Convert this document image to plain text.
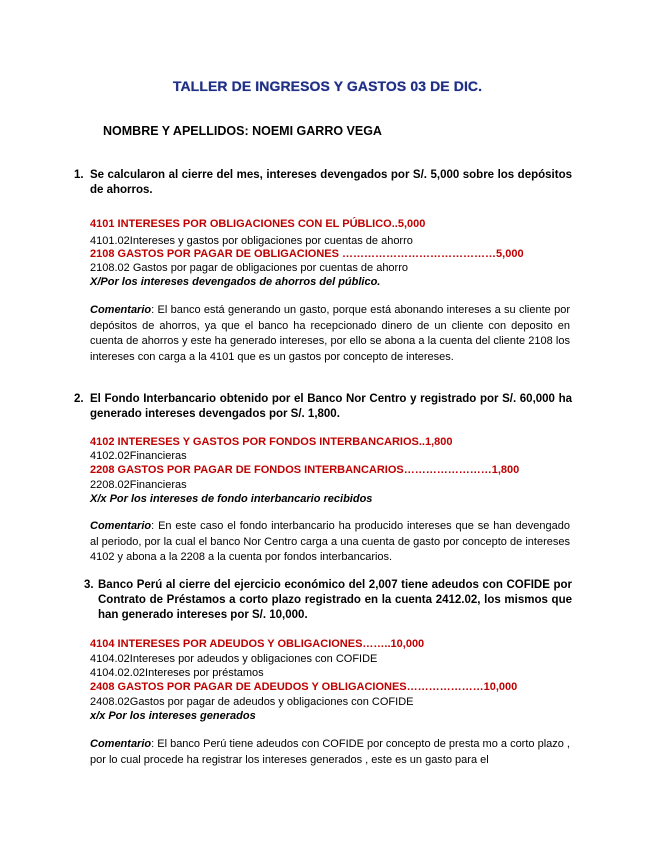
TALLER DE INGRESOS Y GASTOS 03 DE DIC.
NOMBRE Y APELLIDOS: NOEMI GARRO VEGA
1. Se calcularon al cierre del mes, intereses devengados por S/. 5,000 sobre los depósitos de ahorros.
4101 INTERESES POR OBLIGACIONES CON EL PÚBLICO..5,000
4101.02Intereses y gastos por obligaciones por cuentas de ahorro
2108 GASTOS POR PAGAR DE OBLIGACIONES ……………………………………5,000
2108.02 Gastos por pagar de obligaciones por cuentas de ahorro
X/Por los intereses devengados de ahorros del público.
Comentario: El banco está generando un gasto, porque está abonando intereses a su cliente por depósitos de ahorros, ya que el banco ha recepcionado dinero de un cliente con deposito en cuenta de ahorros y este ha generado intereses, por ello se abona a la cuenta del cliente 2108 los intereses con carga a la 4101 que es un gastos por concepto de intereses.
2. El Fondo Interbancario obtenido por el Banco Nor Centro y registrado por S/. 60,000 ha generado intereses devengados por S/. 1,800.
4102 INTERESES Y GASTOS POR FONDOS INTERBANCARIOS..1,800
4102.02Financieras
2208 GASTOS POR PAGAR DE FONDOS INTERBANCARIOS……………………1,800
2208.02Financieras
X/x Por los intereses de fondo interbancario recibidos
Comentario: En este caso el fondo interbancario ha producido intereses que se han devengado al periodo, por la cual el banco Nor Centro carga a una cuenta de gasto por concepto de intereses 4102 y abona a la 2208 a la cuenta por fondos interbancarios.
3. Banco Perú al cierre del ejercicio económico del 2,007 tiene adeudos con COFIDE por Contrato de Préstamos a corto plazo registrado en la cuenta 2412.02, los mismos que han generado intereses por S/. 10,000.
4104 INTERESES POR ADEUDOS Y OBLIGACIONES……..10,000
4104.02Intereses por adeudos y obligaciones con COFIDE
4104.02.02Intereses por préstamos
2408 GASTOS POR PAGAR DE ADEUDOS Y OBLIGACIONES…………………10,000
2408.02Gastos por pagar de adeudos y obligaciones con COFIDE
x/x Por los intereses generados
Comentario: El banco Perú tiene adeudos con COFIDE por concepto de presta mo a corto plazo , por lo cual procede ha registrar los intereses generados , este es un gasto para el
